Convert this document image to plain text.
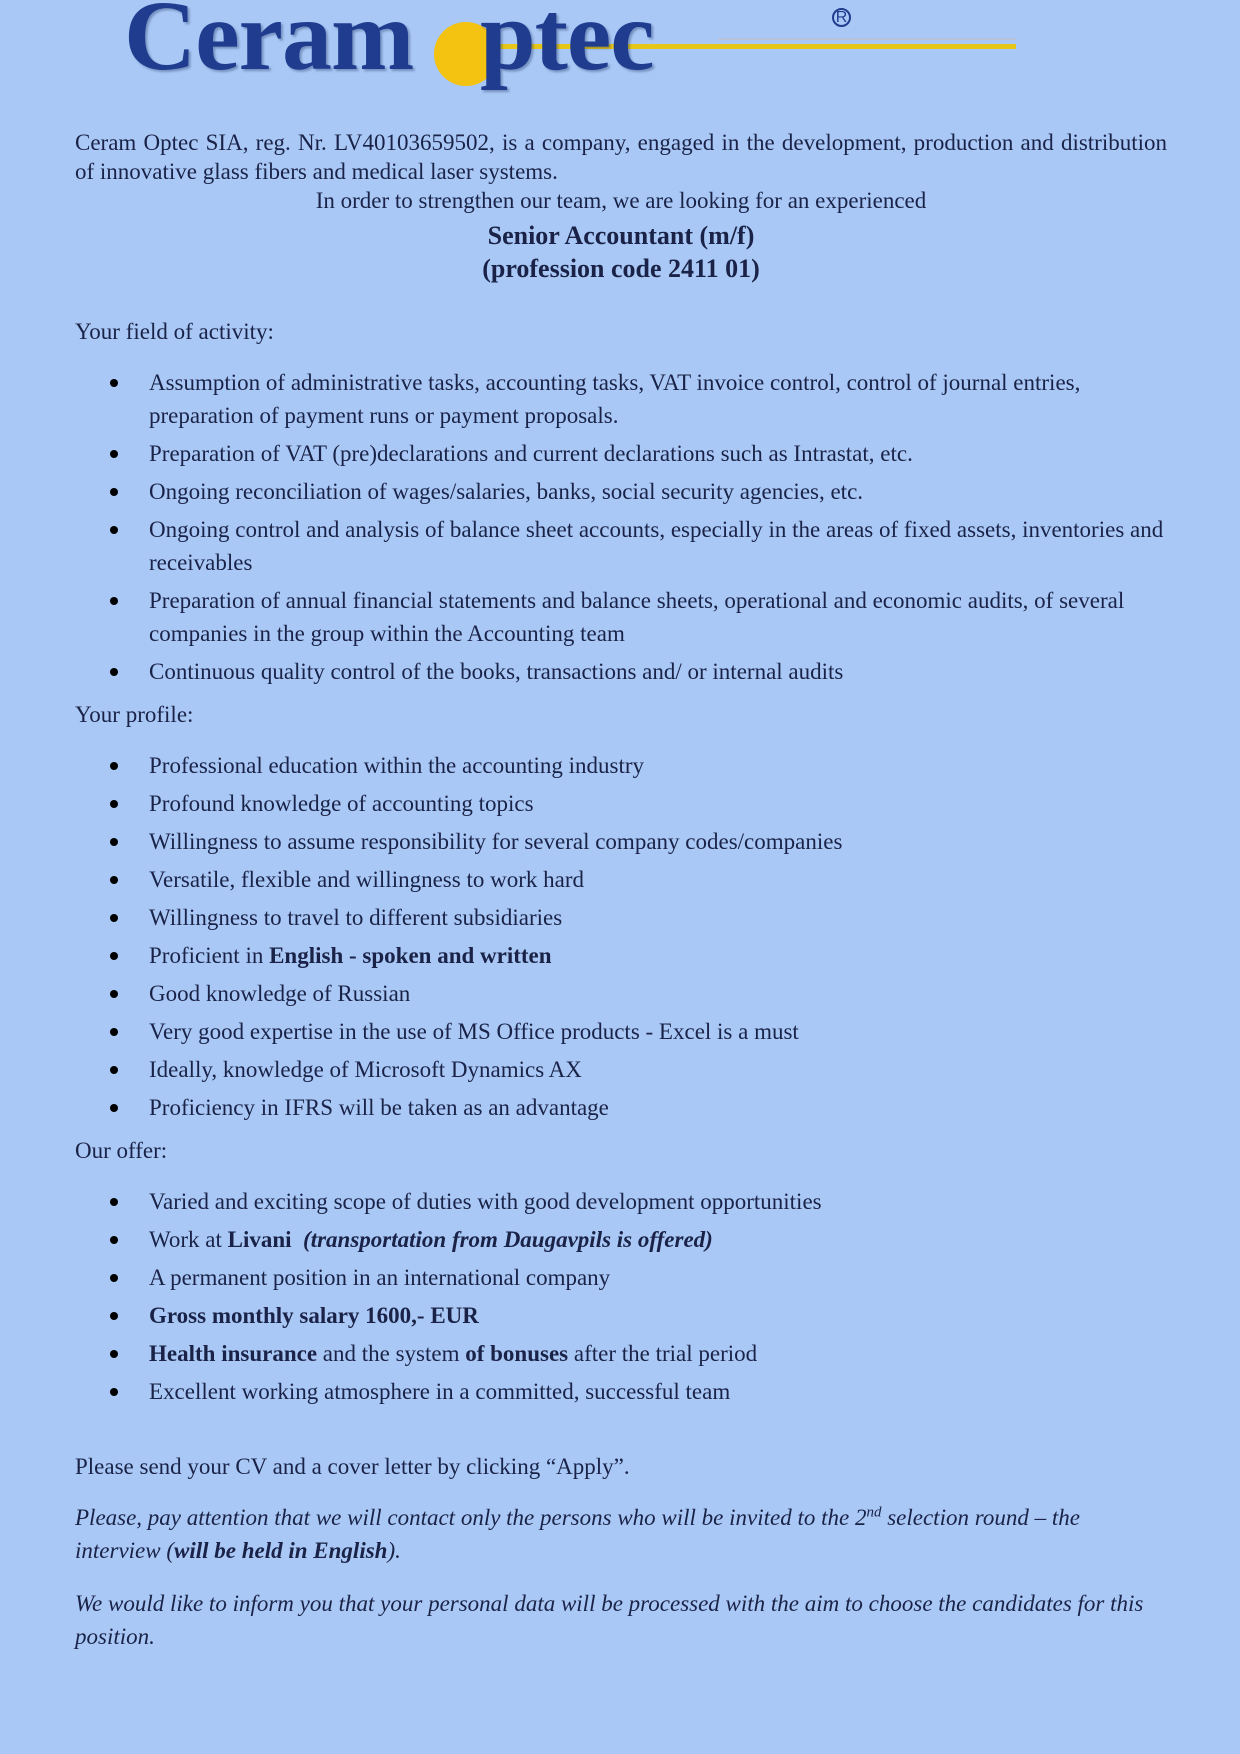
Ceram ptec	R

Ceram Optec SIA, reg. Nr. LV40103659502, is a company, engaged in the development, production and distribution of innovative glass fibers and medical laser systems.

In order to strengthen our team, we are looking for an experienced

Senior Accountant (m/f)

(profession code 2411 01)

Your field of activity:

Assumption of administrative tasks, accounting tasks, VAT invoice control, control of journal entries, preparation of payment runs or payment proposals.
Preparation of VAT (pre)declarations and current declarations such as Intrastat, etc.
Ongoing reconciliation of wages/salaries, banks, social security agencies, etc.
Ongoing control and analysis of balance sheet accounts, especially in the areas of fixed assets, inventories and receivables
Preparation of annual financial statements and balance sheets, operational and economic audits, of several companies in the group within the Accounting team
Continuous quality control of the books, transactions and/ or internal audits

Your profile:

Professional education within the accounting industry
Profound knowledge of accounting topics
Willingness to assume responsibility for several company codes/companies
Versatile, flexible and willingness to work hard
Willingness to travel to different subsidiaries
Proficient in English - spoken and written
Good knowledge of Russian
Very good expertise in the use of MS Office products - Excel is a must
Ideally, knowledge of Microsoft Dynamics AX
Proficiency in IFRS will be taken as an advantage

Our offer:

Varied and exciting scope of duties with good development opportunities
Work at Livani (transportation from Daugavpils is offered)
A permanent position in an international company
Gross monthly salary 1600,- EUR
Health insurance and the system of bonuses after the trial period
Excellent working atmosphere in a committed, successful team

Please send your CV and a cover letter by clicking “Apply”.

Please, pay attention that we will contact only the persons who will be invited to the 2nd selection round – the interview (will be held in English).

We would like to inform you that your personal data will be processed with the aim to choose the candidates for this position.
